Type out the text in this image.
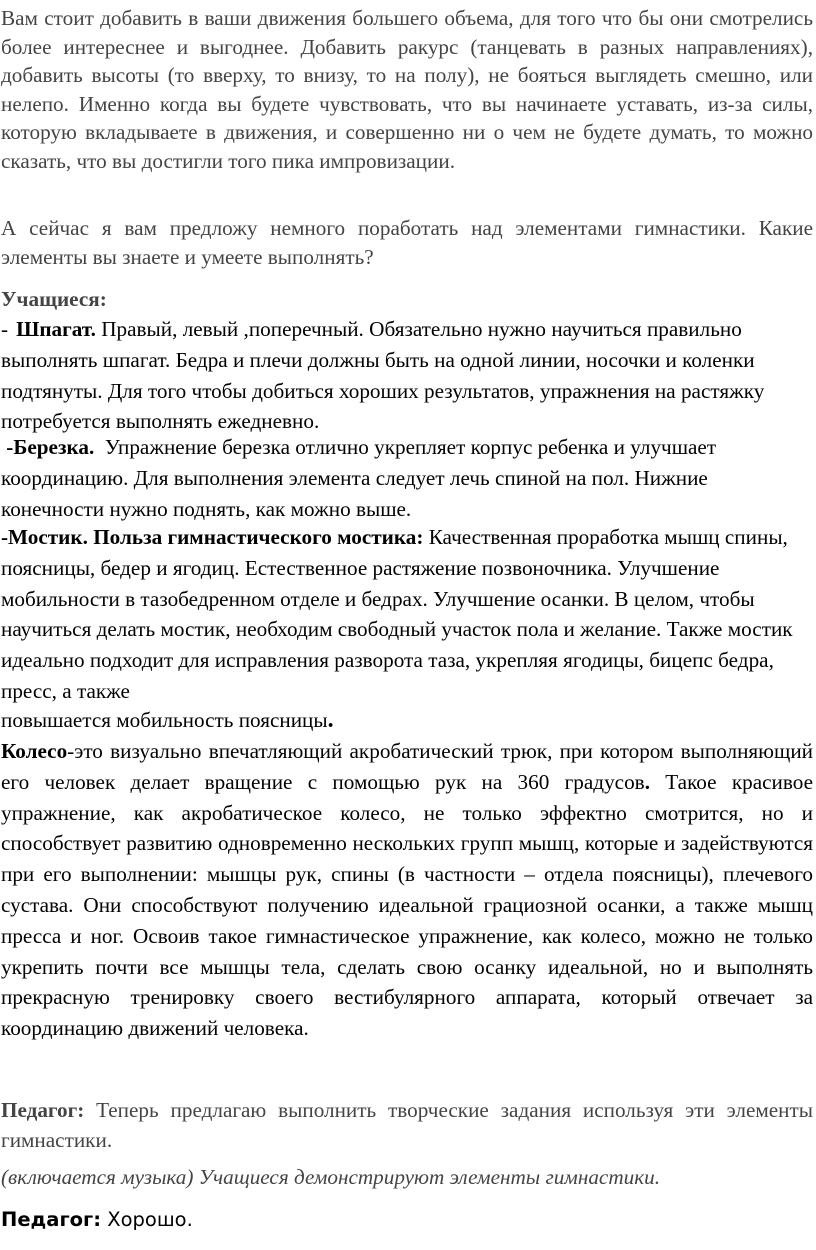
Вам стоит добавить в ваши движения большего объема, для того что бы они смотрелись более интереснее и выгоднее. Добавить ракурс (танцевать в разных направлениях), добавить высоты (то вверху, то внизу, то на полу), не бояться выглядеть смешно, или нелепо. Именно когда вы будете чувствовать, что вы начинаете уставать, из-за силы, которую вкладываете в движения, и совершенно ни о чем не будете думать, то можно сказать, что вы достигли того пика импровизации.

А сейчас я вам предложу немного поработать над элементами гимнастики. Какие элементы вы знаете и умеете выполнять?

Учащиеся:

- Шпагат. Правый, левый ,поперечный. Обязательно нужно научиться правильно выполнять шпагат. Бедра и плечи должны быть на одной линии, носочки и коленки подтянуты. Для того чтобы добиться хороших результатов, упражнения на растяжку потребуется выполнять ежедневно.

-Березка. Упражнение березка отлично укрепляет корпус ребенка и улучшает координацию. Для выполнения элемента следует лечь спиной на пол. Нижние конечности нужно поднять, как можно выше.

-Мостик. Польза гимнастического мостика: Качественная проработка мышц спины, поясницы, бедер и ягодиц. Естественное растяжение позвоночника. Улучшение мобильности в тазобедренном отделе и бедрах. Улучшение осанки. В целом, чтобы научиться делать мостик, необходим свободный участок пола и желание. Также мостик идеально подходит для исправления разворота таза, укрепляя ягодицы, бицепс бедра, пресс, а также

повышается мобильность поясницы.

Колесо-это визуально впечатляющий акробатический трюк, при котором выполняющий его человек делает вращение с помощью рук на 360 градусов. Такое красивое упражнение, как акробатическое колесо, не только эффектно смотрится, но и способствует развитию одновременно нескольких групп мышц, которые и задействуются при его выполнении: мышцы рук, спины (в частности – отдела поясницы), плечевого сустава. Они способствуют получению идеальной грациозной осанки, а также мышц пресса и ног. Освоив такое гимнастическое упражнение, как колесо, можно не только укрепить почти все мышцы тела, сделать свою осанку идеальной, но и выполнять прекрасную тренировку своего вестибулярного аппарата, который отвечает за координацию движений человека.

Педагог: Теперь предлагаю выполнить творческие задания используя эти элементы гимнастики.

(включается музыка) Учащиеся демонстрируют элементы гимнастики.

Педагог: Хорошо.
